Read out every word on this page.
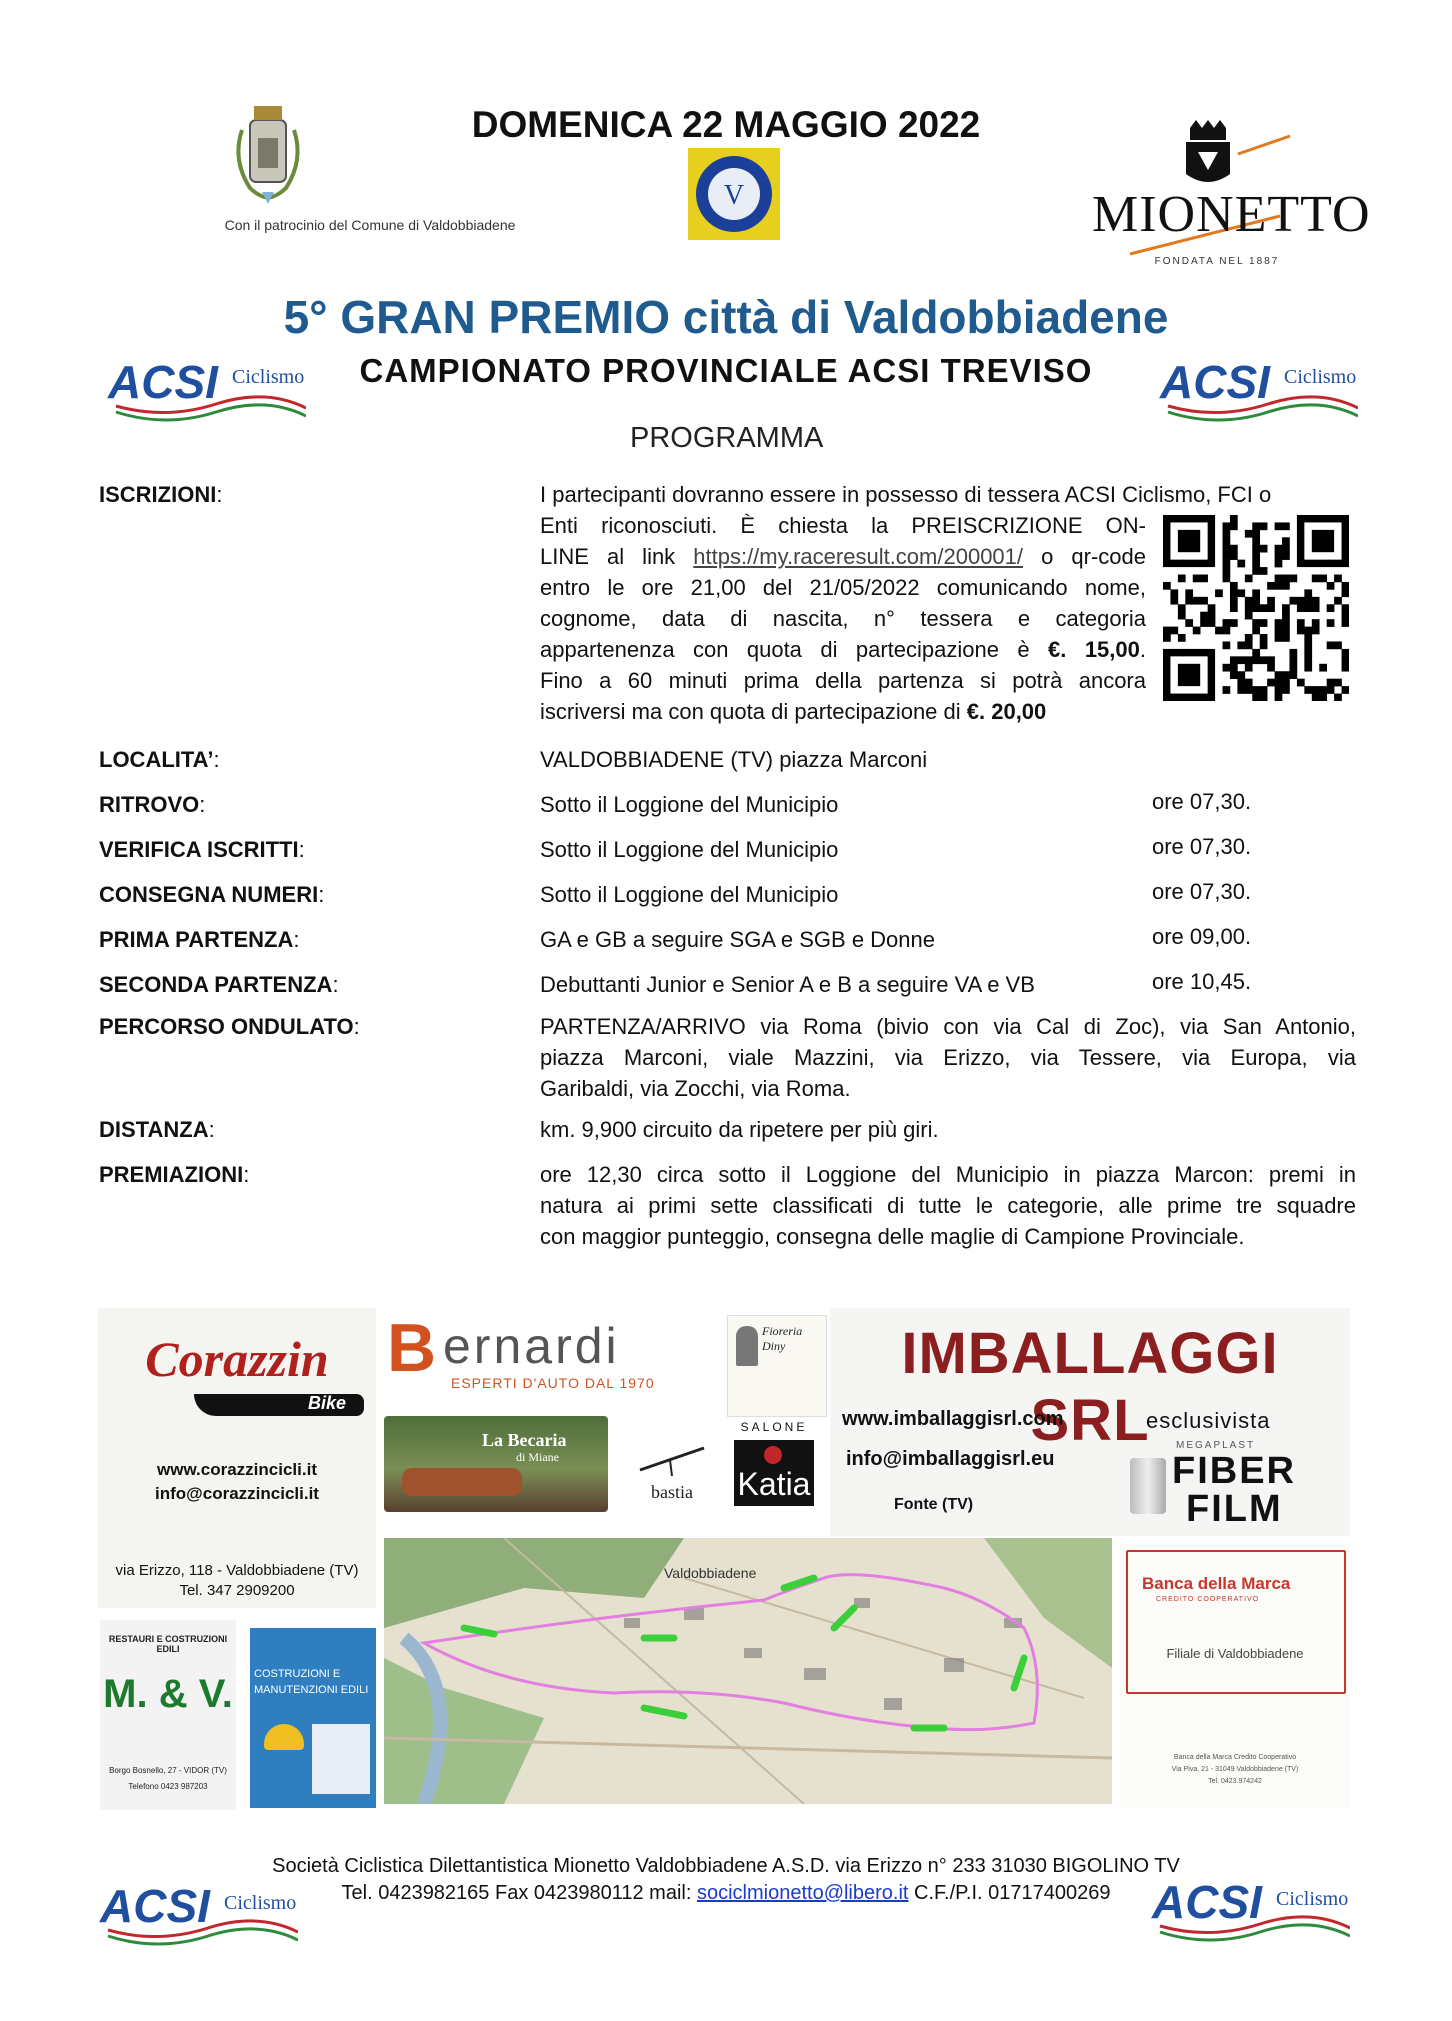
Con il patrocinio del Comune di Valdobbiadene
DOMENICA 22 MAGGIO 2022
V	MIONETTO
FONDATA NEL 1887
5° GRAN PREMIO città di Valdobbiadene
CAMPIONATO PROVINCIALE ACSI TREVISO
ACSI Ciclismo	ACSI Ciclismo
PROGRAMMA
ISCRIZIONI:	I partecipanti dovranno essere in possesso di tessera ACSI Ciclismo, FCI o
Enti riconosciuti. È chiesta la PREISCRIZIONE ON-
LINE al link https://my.raceresult.com/200001/ o qr-code
entro le ore 21,00 del 21/05/2022 comunicando nome,
cognome, data di nascita, n° tessera e categoria
appartenenza con quota di partecipazione è €. 15,00.
Fino a 60 minuti prima della partenza si potrà ancora
iscriversi ma con quota di partecipazione di €. 20,00
LOCALITA’:	VALDOBBIADENE (TV) piazza Marconi
RITROVO:	Sotto il Loggione del Municipio	ore 07,30.
VERIFICA ISCRITTI:	Sotto il Loggione del Municipio	ore 07,30.
CONSEGNA NUMERI:	Sotto il Loggione del Municipio	ore 07,30.
PRIMA PARTENZA:	GA e GB a seguire SGA e SGB e Donne	ore 09,00.
SECONDA PARTENZA:	Debuttanti Junior e Senior A e B a seguire VA e VB	ore 10,45.
PERCORSO ONDULATO:	PARTENZA/ARRIVO via Roma (bivio con via Cal di Zoc), via San Antonio,
piazza Marconi, viale Mazzini, via Erizzo, via Tessere, via Europa, via
Garibaldi, via Zocchi, via Roma.
DISTANZA:	km. 9,900 circuito da ripetere per più giri.
PREMIAZIONI:	ore 12,30 circa sotto il Loggione del Municipio in piazza Marcon: premi in
natura ai primi sette classificati di tutte le categorie, alle prime tre squadre
con maggior punteggio, consegna delle maglie di Campione Provinciale.
Corazzin
Bike
www.corazzincicli.it
info@corazzincicli.it
via Erizzo, 118 - Valdobbiadene (TV)
Tel. 347 2909200
B ernardi
ESPERTI D'AUTO DAL 1970
Fioreria Diny	IMBALLAGGI SRL
www.imballaggisrl.com
info@imballaggisrl.eu
Fonte (TV)
esclusivista
MEGAPLAST
FIBER
FILM
La Becaria
di Miane
bastia
SALONE
Katia
RESTAURI E COSTRUZIONI EDILI
M. & V.
Borgo Bosnello, 27 - VIDOR (TV)
Telefono 0423 987203
COSTRUZIONI E
MANUTENZIONI EDILI
Valdobbiadene
Banca della Marca
CREDITO COOPERATIVO
Filiale di Valdobbiadene
Banca della Marca Credito Cooperativo
Via Piva, 21 - 31049 Valdobbiadene (TV)
Tel. 0423.974242
Società Ciclistica Dilettantistica Mionetto Valdobbiadene A.S.D. via Erizzo n° 233 31030 BIGOLINO TV
Tel. 0423982165 Fax 0423980112 mail: sociclmionetto@libero.it C.F./P.I. 01717400269
ACSI Ciclismo	ACSI Ciclismo
